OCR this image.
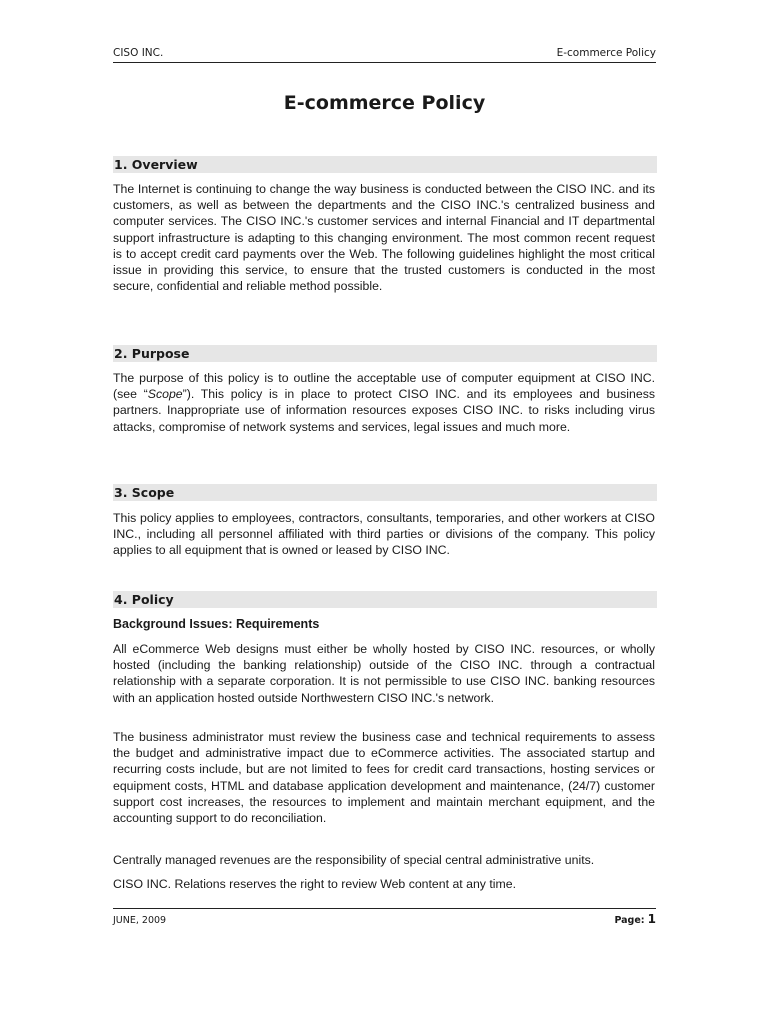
CISO INC.	E-commerce Policy
E-commerce Policy
1. Overview
The Internet is continuing to change the way business is conducted between the CISO INC. and its customers, as well as between the departments and the CISO INC.'s centralized business and computer services. The CISO INC.'s customer services and internal Financial and IT departmental support infrastructure is adapting to this changing environment. The most common recent request is to accept credit card payments over the Web. The following guidelines highlight the most critical issue in providing this service, to ensure that the trusted customers is conducted in the most secure, confidential and reliable method possible.
2. Purpose
The purpose of this policy is to outline the acceptable use of computer equipment at CISO INC. (see “Scope”). This policy is in place to protect CISO INC. and its employees and business partners. Inappropriate use of information resources exposes CISO INC. to risks including virus attacks, compromise of network systems and services, legal issues and much more.
3. Scope
This policy applies to employees, contractors, consultants, temporaries, and other workers at CISO INC., including all personnel affiliated with third parties or divisions of the company. This policy applies to all equipment that is owned or leased by CISO INC.
4. Policy
Background Issues: Requirements
All eCommerce Web designs must either be wholly hosted by CISO INC. resources, or wholly hosted (including the banking relationship) outside of the CISO INC. through a contractual relationship with a separate corporation. It is not permissible to use CISO INC. banking resources with an application hosted outside Northwestern CISO INC.'s network.
The business administrator must review the business case and technical requirements to assess the budget and administrative impact due to eCommerce activities. The associated startup and recurring costs include, but are not limited to fees for credit card transactions, hosting services or equipment costs, HTML and database application development and maintenance, (24/7) customer support cost increases, the resources to implement and maintain merchant equipment, and the accounting support to do reconciliation.
Centrally managed revenues are the responsibility of special central administrative units.
CISO INC. Relations reserves the right to review Web content at any time.
JUNE, 2009	Page: 1
